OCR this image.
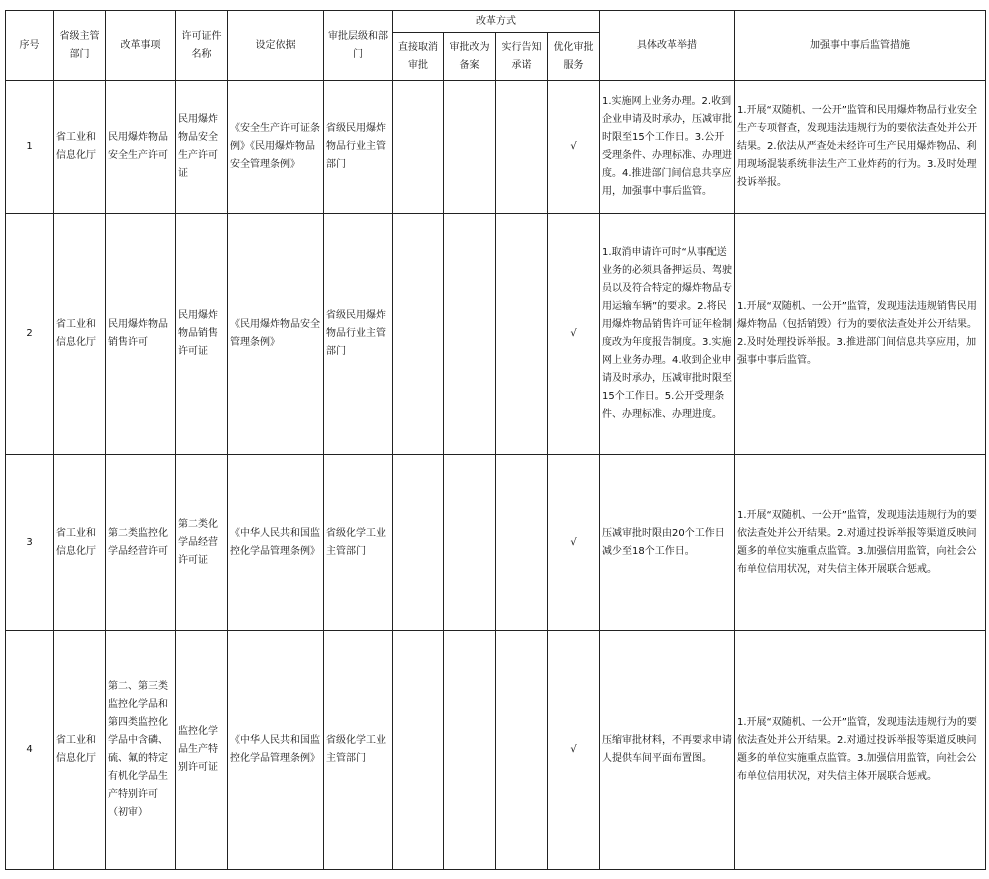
序号	省级主管部门	改革事项	许可证件名称	设定依据	审批层级和部门	改革方式				具体改革举措	加强事中事后监管措施
						直接取消审批	审批改为备案	实行告知承诺	优化审批服务		
1	省工业和信息化厅	民用爆炸物品安全生产许可	民用爆炸物品安全生产许可证	《安全生产许可证条例》《民用爆炸物品安全管理条例》	省级民用爆炸物品行业主管部门				√	1.实施网上业务办理。2.收到企业申请及时承办，压减审批时限至15个工作日。3.公开受理条件、办理标准、办理进度。4.推进部门间信息共享应用，加强事中事后监管。	1.开展“双随机、一公开”监管和民用爆炸物品行业安全生产专项督查，发现违法违规行为的要依法查处并公开结果。2.依法从严查处未经许可生产民用爆炸物品、利用现场混装系统非法生产工业炸药的行为。3.及时处理投诉举报。
2	省工业和信息化厅	民用爆炸物品销售许可	民用爆炸物品销售许可证	《民用爆炸物品安全管理条例》	省级民用爆炸物品行业主管部门				√	1.取消申请许可时“从事配送业务的必须具备押运员、驾驶员以及符合特定的爆炸物品专用运输车辆”的要求。2.将民用爆炸物品销售许可证年检制度改为年度报告制度。3.实施网上业务办理。4.收到企业申请及时承办，压减审批时限至15个工作日。5.公开受理条件、办理标准、办理进度。	1.开展“双随机、一公开”监管，发现违法违规销售民用爆炸物品（包括销毁）行为的要依法查处并公开结果。2.及时处理投诉举报。3.推进部门间信息共享应用，加强事中事后监管。
3	省工业和信息化厅	第二类监控化学品经营许可	第二类化学品经营许可证	《中华人民共和国监控化学品管理条例》	省级化学工业主管部门				√	压减审批时限由20个工作日减少至18个工作日。	1.开展“双随机、一公开”监管，发现违法违规行为的要依法查处并公开结果。2.对通过投诉举报等渠道反映问题多的单位实施重点监管。3.加强信用监管，向社会公布单位信用状况，对失信主体开展联合惩戒。
4	省工业和信息化厅	第二、第三类监控化学品和第四类监控化学品中含磷、硫、氟的特定有机化学品生产特别许可（初审）	监控化学品生产特别许可证	《中华人民共和国监控化学品管理条例》	省级化学工业主管部门				√	压缩审批材料，不再要求申请人提供车间平面布置图。	1.开展“双随机、一公开”监管，发现违法违规行为的要依法查处并公开结果。2.对通过投诉举报等渠道反映问题多的单位实施重点监管。3.加强信用监管，向社会公布单位信用状况，对失信主体开展联合惩戒。
